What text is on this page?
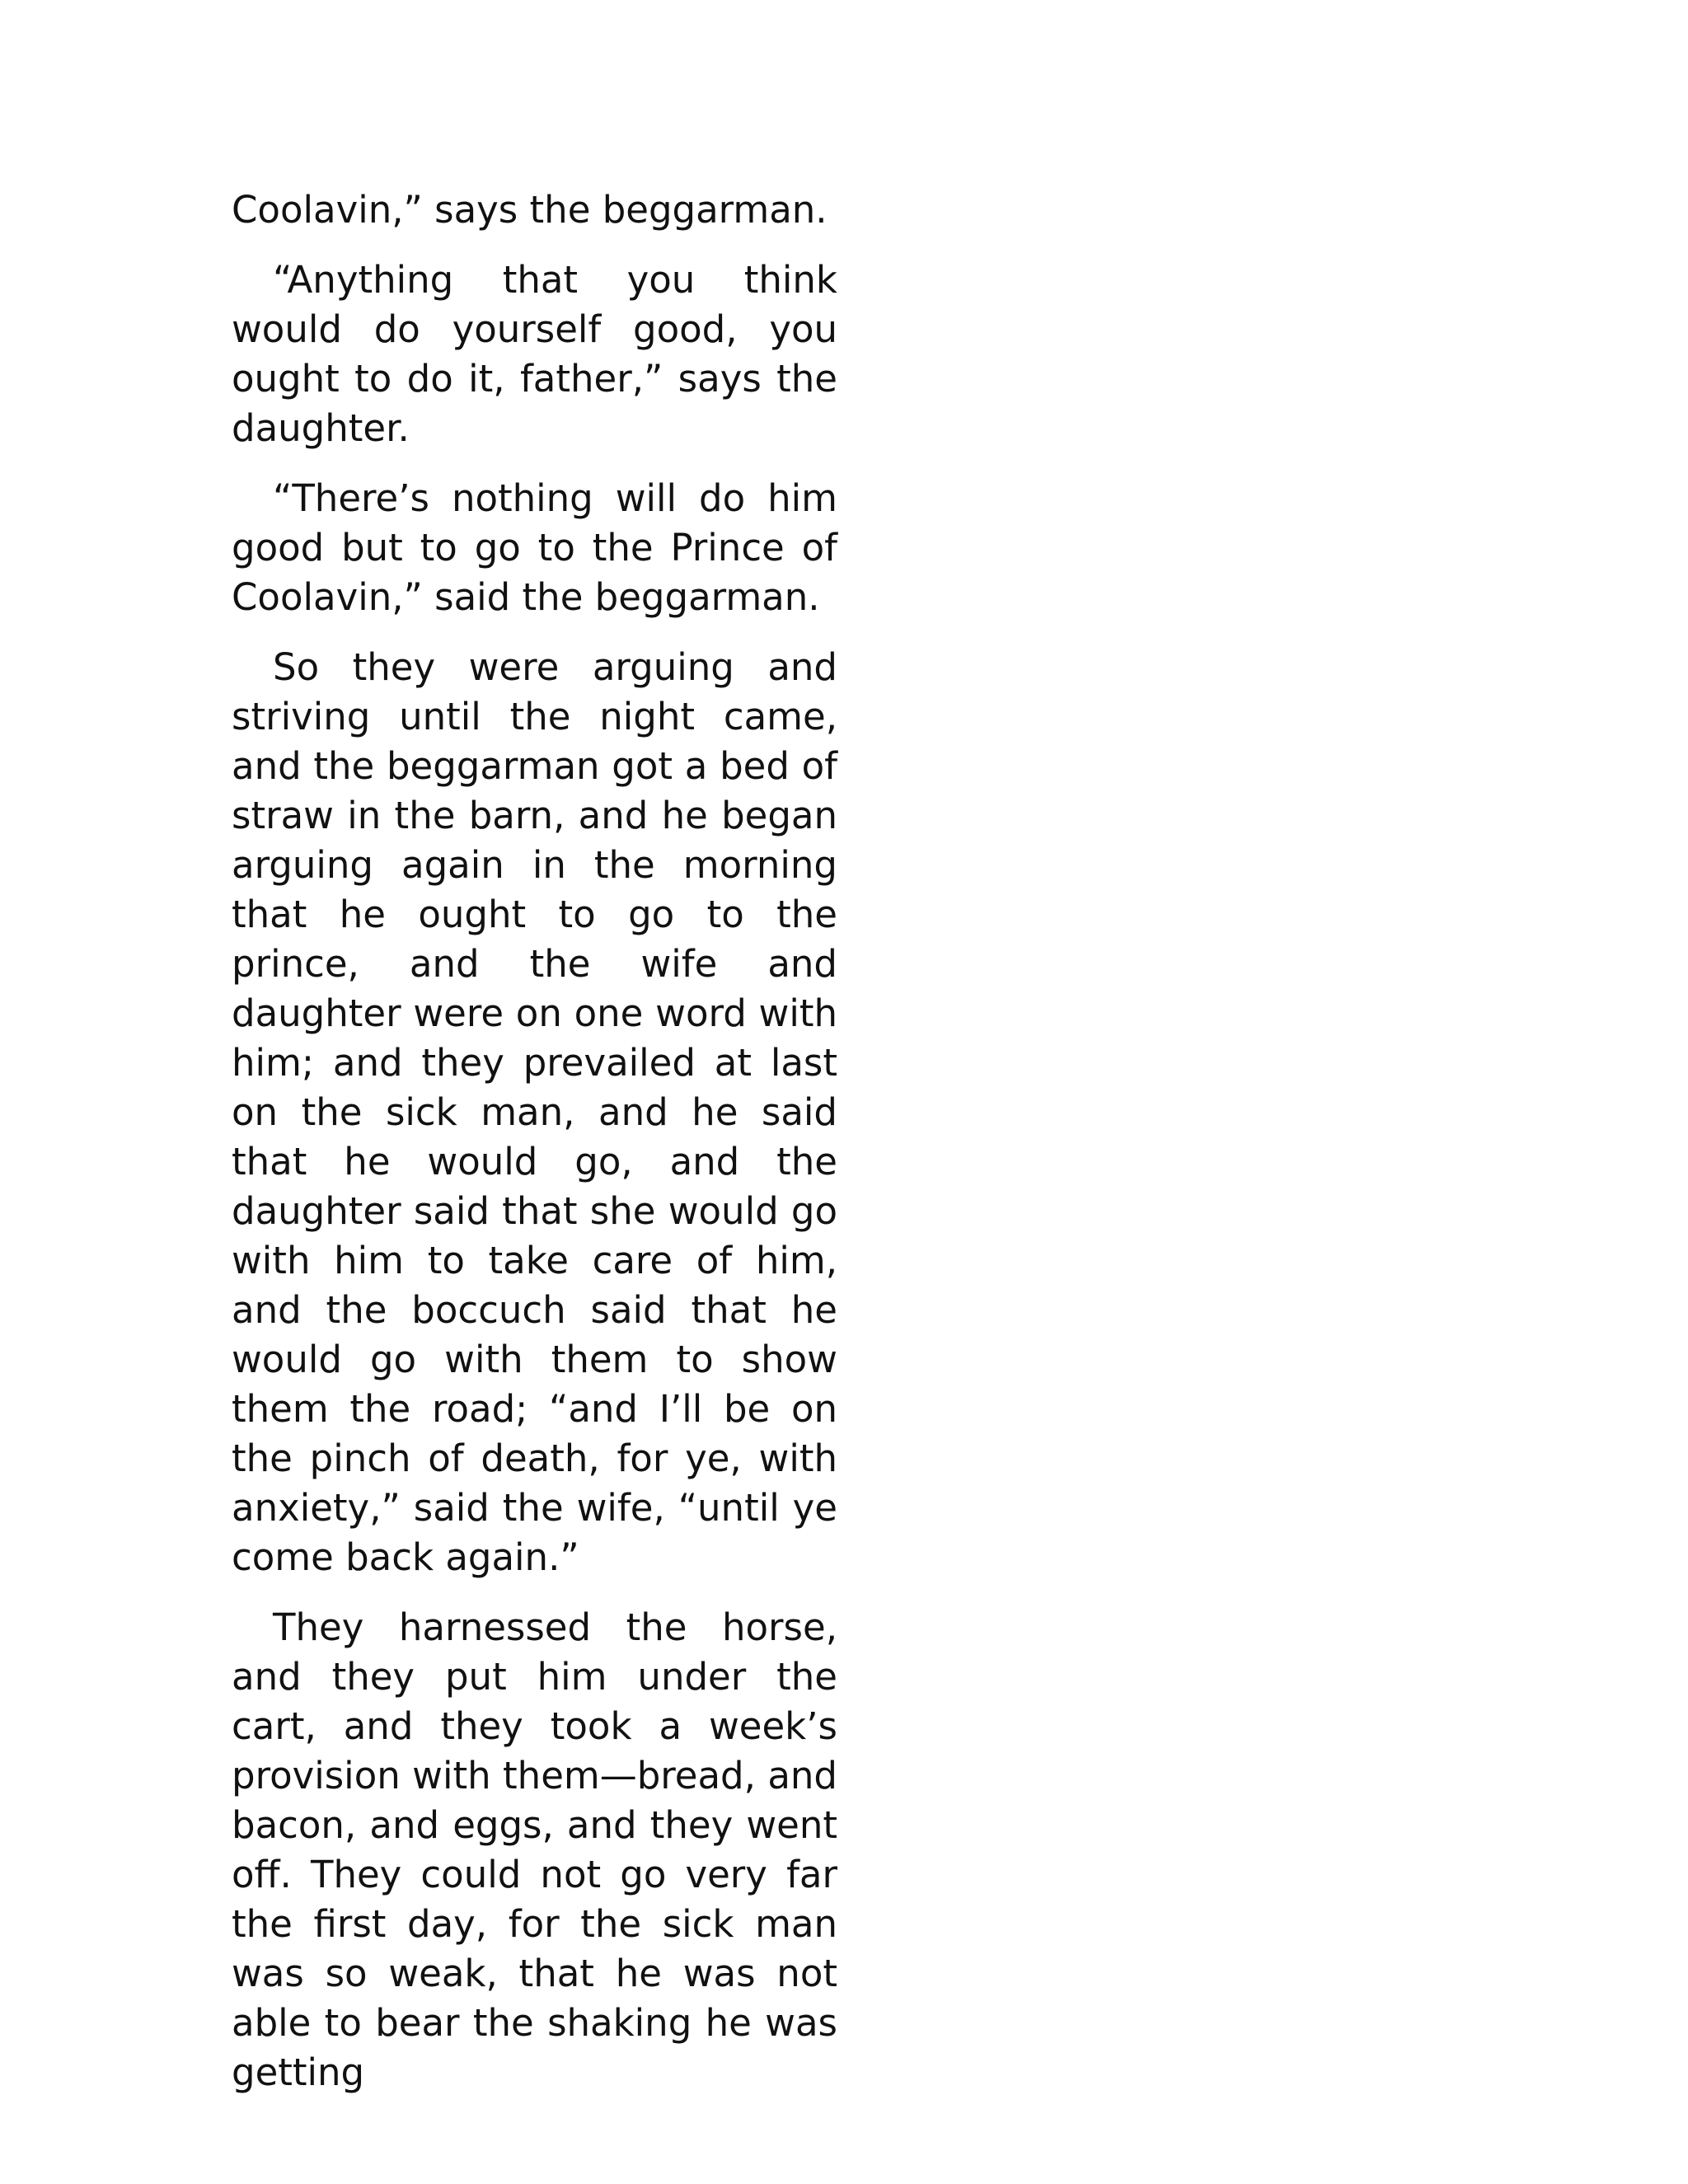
Coolavin,” says the beggarman.

“Anything that you think would do yourself good, you ought to do it, father,” says the daughter.

“There’s nothing will do him good but to go to the Prince of Coolavin,” said the beggarman.

So they were arguing and striving until the night came, and the beggarman got a bed of straw in the barn, and he began arguing again in the morning that he ought to go to the prince, and the wife and daughter were on one word with him; and they prevailed at last on the sick man, and he said that he would go, and the daughter said that she would go with him to take care of him, and the boccuch said that he would go with them to show them the road; “and I’ll be on the pinch of death, for ye, with anxiety,” said the wife, “until ye come back again.”

They harnessed the horse, and they put him under the cart, and they took a week’s provision with them—bread, and bacon, and eggs, and they went off. They could not go very far the first day, for the sick man was so weak, that he was not able to bear the shaking he was getting
